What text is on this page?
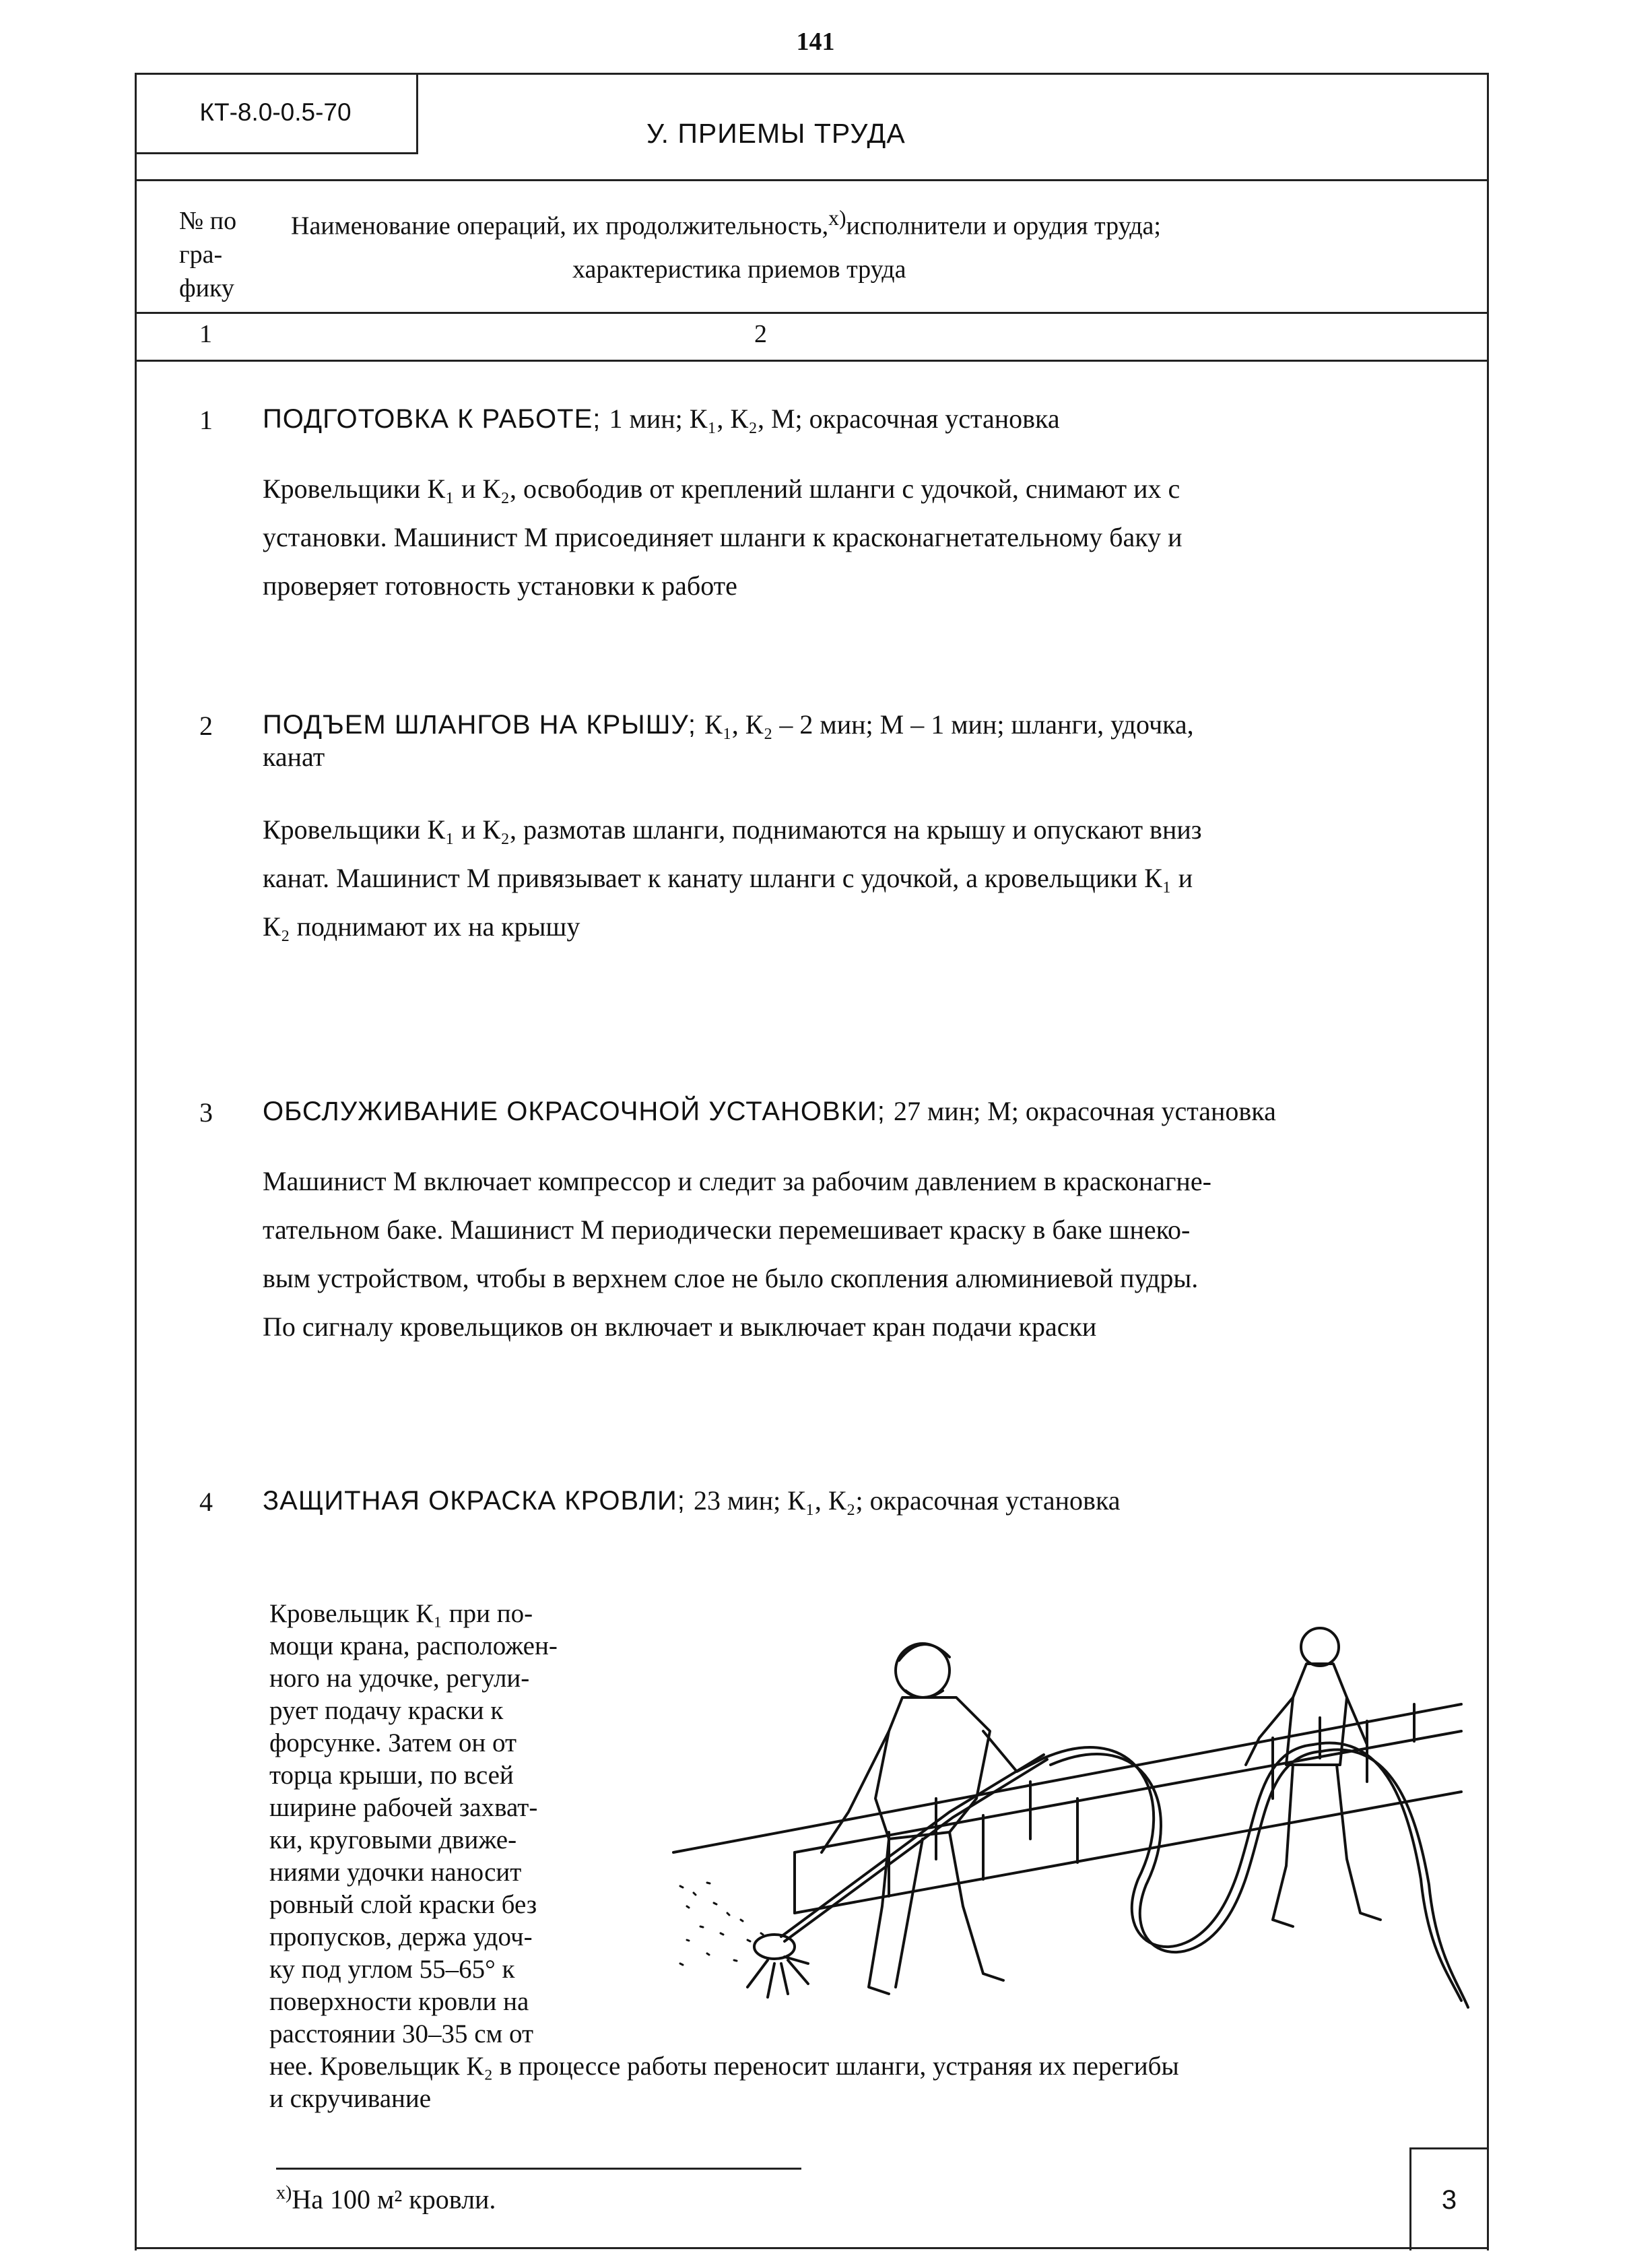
141
КТ-8.0-0.5-70
У. ПРИЕМЫ ТРУДА
№ по
гра-
фику
Наименование операций, их продолжительность,$^{х)}$исполнители и орудия труда;
характеристика приемов труда
1	2
1 ПОДГОТОВКА К РАБОТЕ; 1 мин; К₁, К₂, М; окрасочная установка

Кровельщики К₁ и К₂, освободив от креплений шланги с удочкой, снимают их с

установки. Машинист М присоединяет шланги к красконагнетательному баку и

проверяет готовность установки к работе

2 ПОДЪЕМ ШЛАНГОВ НА КРЫШУ; К₁, К₂ – 2 мин; М – 1 мин; шланги, удочка,
канат

Кровельщики К₁ и К₂, размотав шланги, поднимаются на крышу и опускают вниз

канат. Машинист М привязывает к канату шланги с удочкой, а кровельщики К₁ и

К₂ поднимают их на крышу

3 ОБСЛУЖИВАНИЕ ОКРАСОЧНОЙ УСТАНОВКИ; 27 мин; М; окрасочная установка

Машинист М включает компрессор и следит за рабочим давлением в красконагне-

тательном баке. Машинист М периодически перемешивает краску в баке шнеко-

вым устройством, чтобы в верхнем слое не было скопления алюминиевой пудры.

По сигналу кровельщиков он включает и выключает кран подачи краски

4 ЗАЩИТНАЯ ОКРАСКА КРОВЛИ; 23 мин; К₁, К₂; окрасочная установка

Кровельщик К₁ при по-

мощи крана, расположен-

ного на удочке, регули-

рует подачу краски к

форсунке. Затем он от

торца крыши, по всей

ширине рабочей захват-

ки, круговыми движе-

ниями удочки наносит

ровный слой краски без

пропусков, держа удоч-

ку под углом 55–65° к

поверхности кровли на

расстоянии 30–35 см от

нее. Кровельщик К₂ в процессе работы переносит шланги, устраняя их перегибы

и скручивание

$^{х)}$На 100 м² кровли.	3
